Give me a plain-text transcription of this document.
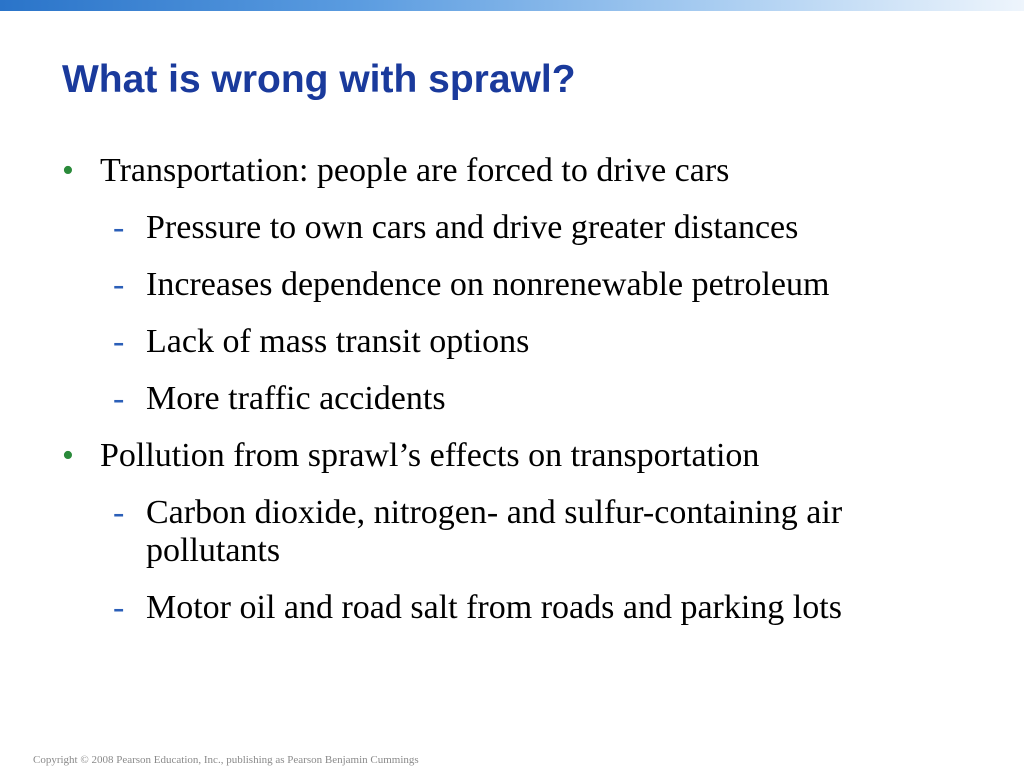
What is wrong with sprawl?
• Transportation: people are forced to drive cars
- Pressure to own cars and drive greater distances
- Increases dependence on nonrenewable petroleum
- Lack of mass transit options
- More traffic accidents
• Pollution from sprawl’s effects on transportation
- Carbon dioxide, nitrogen- and sulfur-containing air pollutants
- Motor oil and road salt from roads and parking lots
Copyright © 2008 Pearson Education, Inc., publishing as Pearson Benjamin Cummings
